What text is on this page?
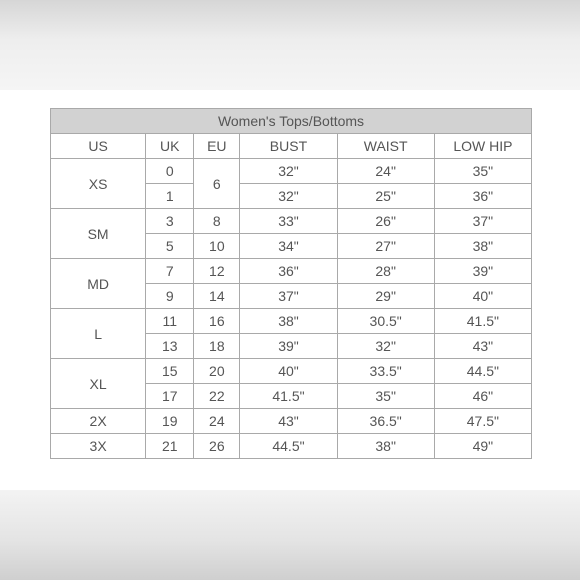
Women's Tops/Bottoms					
US	UK	EU	BUST	WAIST	LOW HIP
XS	0	6	32"	24"	35"
	1		32"	25"	36"
SM	3	8	33"	26"	37"
	5	10	34"	27"	38"
MD	7	12	36"	28"	39"
	9	14	37"	29"	40"
L	11	16	38"	30.5"	41.5"
	13	18	39"	32"	43"
XL	15	20	40"	33.5"	44.5"
	17	22	41.5"	35"	46"
2X	19	24	43"	36.5"	47.5"
3X	21	26	44.5"	38"	49"
